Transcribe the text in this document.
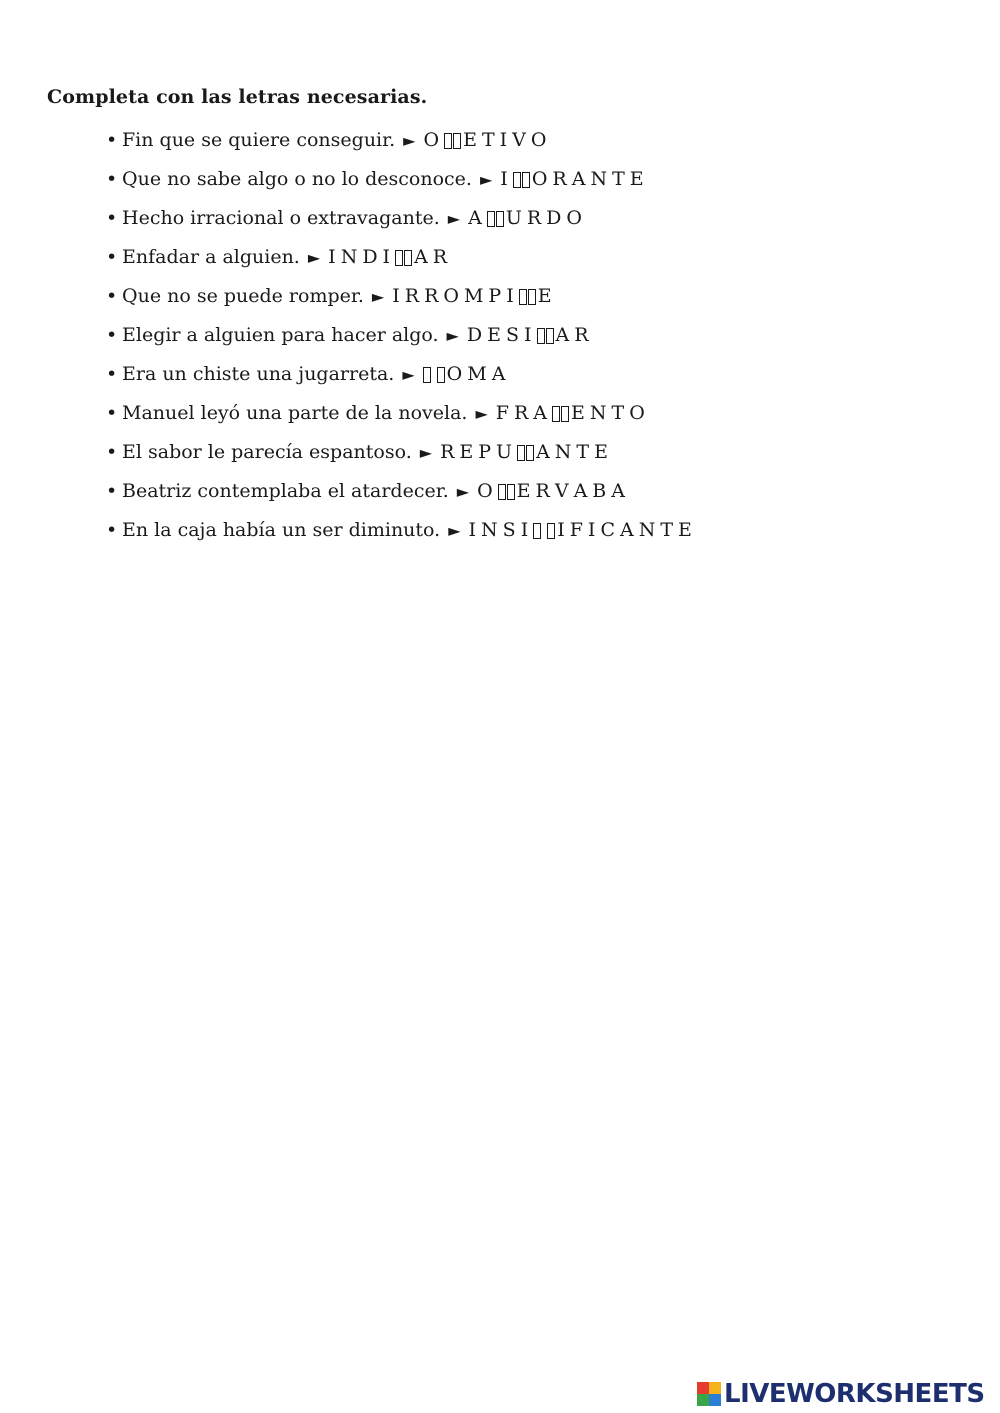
Completa con las letras necesarias.
• Fin que se quiere conseguir. ► O E T I V O
• Que no sabe algo o no lo desconoce. ► I O R A N T E
• Hecho irracional o extravagante. ► A U R D O
• Enfadar a alguien. ► I N D I A R
• Que no se puede romper. ► I R R O M P I E
• Elegir a alguien para hacer algo. ► D E S I A R
• Era un chiste una jugarreta. ► O M A
• Manuel leyó una parte de la novela. ► F R A E N T O
• El sabor le parecía espantoso. ► R E P U A N T E
• Beatriz contemplaba el atardecer. ► O E R V A B A
• En la caja había un ser diminuto. ► I N S I I F I C A N T E
LIVEWORKSHEETS
